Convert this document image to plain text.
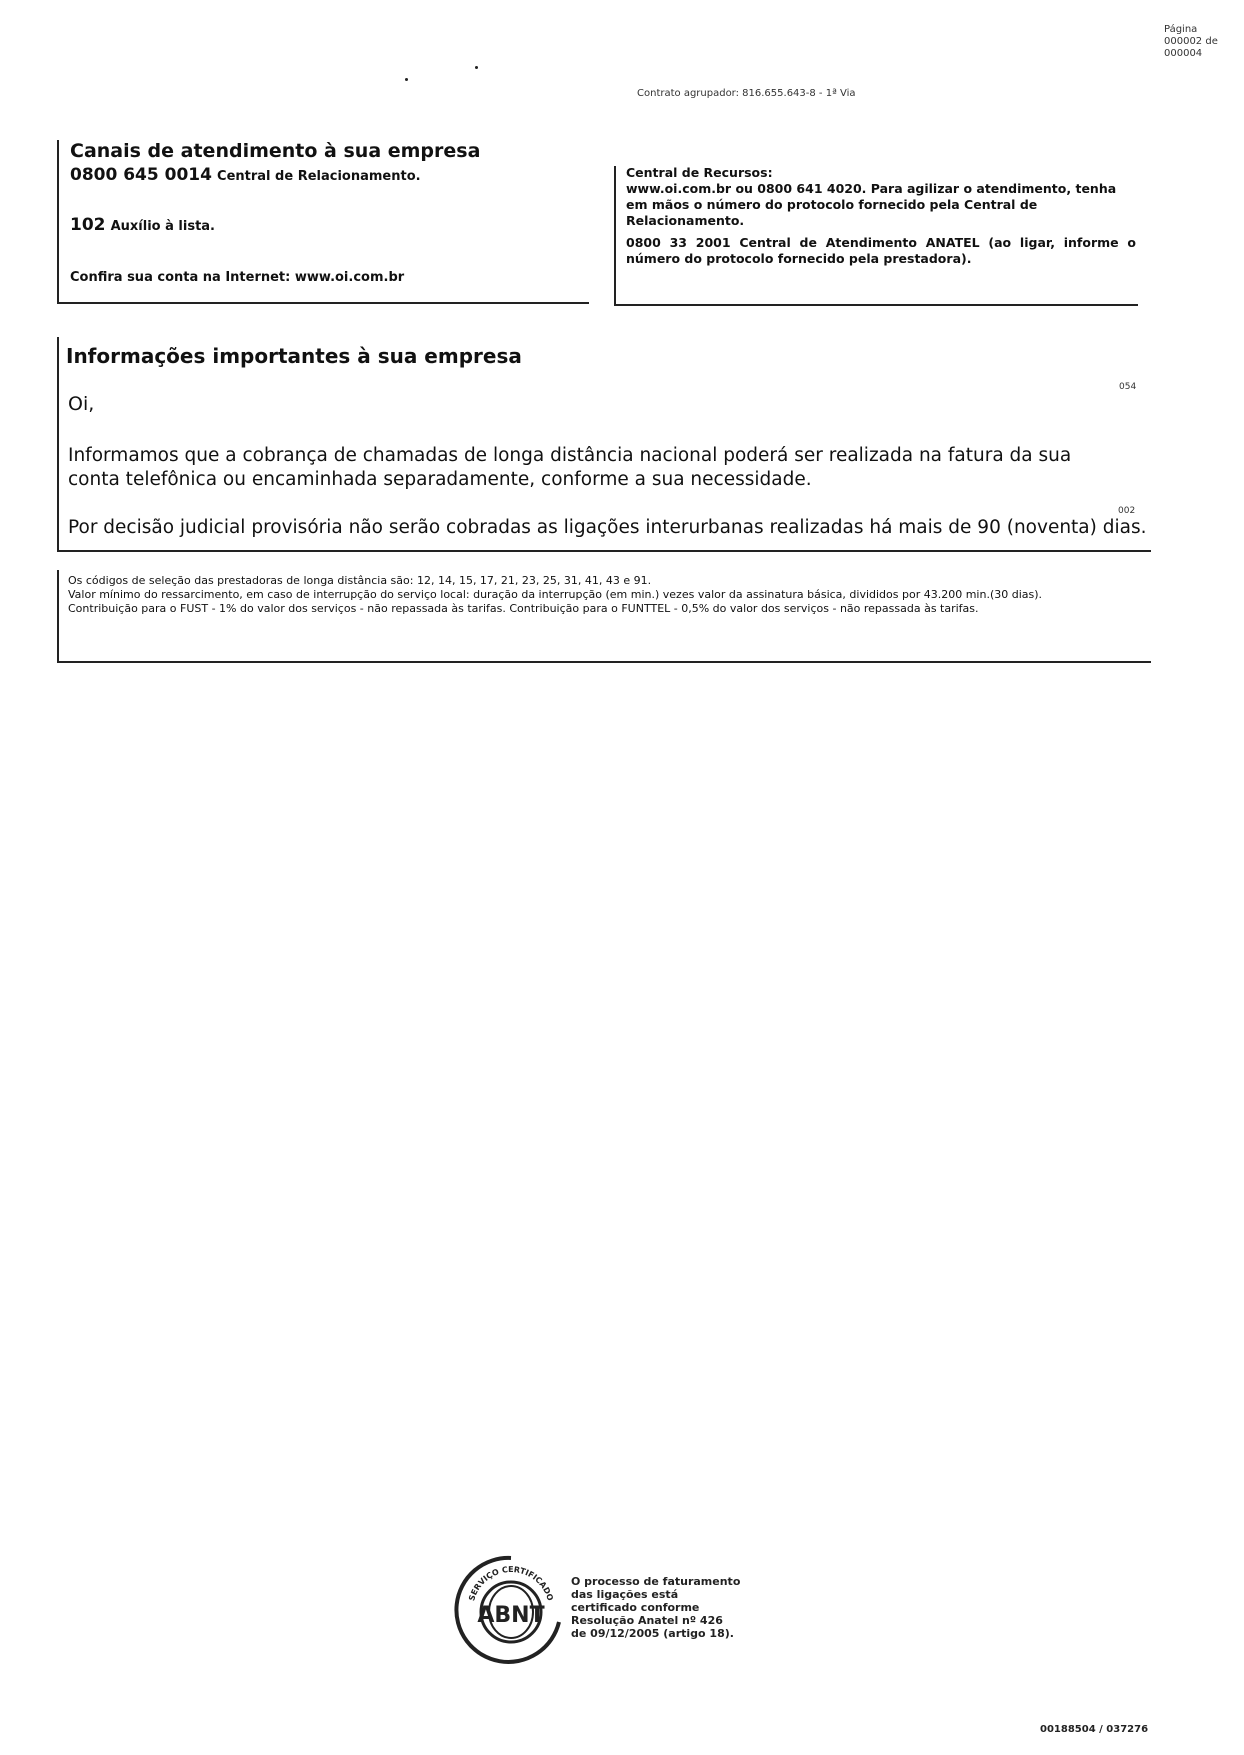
Página
000002 de
000004
Contrato agrupador: 816.655.643-8 - 1ª Via
Canais de atendimento à sua empresa
0800 645 0014 Central de Relacionamento.
102 Auxílio à lista.
Confira sua conta na Internet: www.oi.com.br

Central de Recursos:
www.oi.com.br ou 0800 641 4020. Para agilizar o atendimento, tenha em mãos o número do protocolo fornecido pela Central de Relacionamento.

0800 33 2001 Central de Atendimento ANATEL (ao ligar, informe o número do protocolo fornecido pela prestadora).

Informações importantes à sua empresa
Oi,
054
Informamos que a cobrança de chamadas de longa distância nacional poderá ser realizada na fatura da sua conta telefônica ou encaminhada separadamente, conforme a sua necessidade.
002
Por decisão judicial provisória não serão cobradas as ligações interurbanas realizadas há mais de 90 (noventa) dias.

Os códigos de seleção das prestadoras de longa distância são: 12, 14, 15, 17, 21, 23, 25, 31, 41, 43 e 91.

Valor mínimo do ressarcimento, em caso de interrupção do serviço local: duração da interrupção (em min.) vezes valor da assinatura básica, divididos por 43.200 min.(30 dias).

Contribuição para o FUST - 1% do valor dos serviços - não repassada às tarifas. Contribuição para o FUNTTEL - 0,5% do valor dos serviços - não repassada às tarifas.

ABNT
SERVIÇO CERTIFICADO
O processo de faturamento das ligações está certificado conforme Resolução Anatel nº 426 de 09/12/2005 (artigo 18).
00188504 / 037276
